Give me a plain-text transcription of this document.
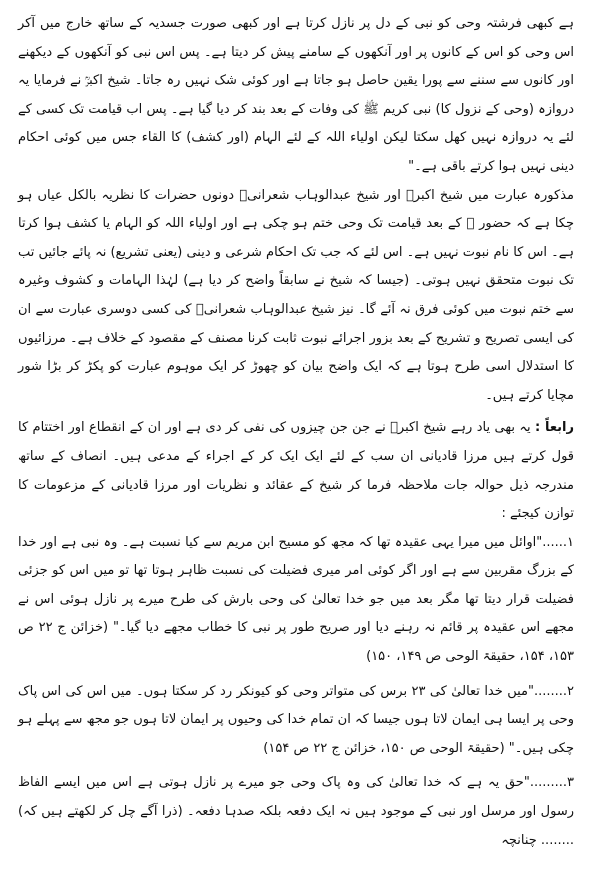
ہے کبھی فرشتہ وحی کو نبی کے دل پر نازل کرتا ہے اور کبھی صورت جسدیہ کے ساتھ خارج میں آکر اس وحی کو اس کے کانوں پر اور آنکھوں کے سامنے پیش کر دیتا ہے۔ پس اس نبی کو آنکھوں کے دیکھنے اور کانوں سے سننے سے پورا یقین حاصل ہو جاتا ہے اور کوئی شک نہیں رہ جاتا۔ شیخ اکبرؒ نے فرمایا یہ دروازہ (وحی کے نزول کا) نبی کریم ﷺ کی وفات کے بعد بند کر دیا گیا ہے۔ پس اب قیامت تک کسی کے لئے یہ دروازہ نہیں کھل سکتا لیکن اولیاء اللہ کے لئے الہام (اور کشف) کا القاء جس میں کوئی احکام دینی نہیں ہوا کرتے باقی ہے۔"

مذکورہ عبارت میں شیخ اکبرؒ اور شیخ عبدالوہاب شعرانیؒ دونوں حضرات کا نظریہ بالکل عیاں ہو چکا ہے کہ حضور ﷺ کے بعد قیامت تک وحی ختم ہو چکی ہے اور اولیاء اللہ کو الہام یا کشف ہوا کرتا ہے۔ اس کا نام نبوت نہیں ہے۔ اس لئے کہ جب تک احکام شرعی و دینی (یعنی تشریع) نہ پائے جائیں تب تک نبوت متحقق نہیں ہوتی۔ (جیسا کہ شیخ نے سابقاً واضح کر دیا ہے) لہٰذا الہامات و کشوف وغیرہ سے ختم نبوت میں کوئی فرق نہ آئے گا۔ نیز شیخ عبدالوہاب شعرانیؒ کی کسی دوسری عبارت سے ان کی ایسی تصریح و تشریح کے بعد بزور اجرائے نبوت ثابت کرنا مصنف کے مقصود کے خلاف ہے۔ مرزائیوں کا استدلال اسی طرح ہوتا ہے کہ ایک واضح بیان کو چھوڑ کر ایک موہوم عبارت کو پکڑ کر بڑا شور مچایا کرتے ہیں۔

رابعاً : یہ بھی یاد رہے شیخ اکبرؒ نے جن جن چیزوں کی نفی کر دی ہے اور ان کے انقطاع اور اختتام کا قول کرتے ہیں مرزا قادیانی ان سب کے لئے ایک ایک کر کے اجراء کے مدعی ہیں۔ انصاف کے ساتھ مندرجہ ذیل حوالہ جات ملاحظہ فرما کر شیخ کے عقائد و نظریات اور مرزا قادیانی کے مزعومات کا توازن کیجئے :

۱......"اوائل میں میرا یہی عقیدہ تھا کہ مجھ کو مسیح ابن مریم سے کیا نسبت ہے۔ وہ نبی ہے اور خدا کے بزرگ مقربین سے ہے اور اگر کوئی امر میری فضیلت کی نسبت ظاہر ہوتا تھا تو میں اس کو جزئی فضیلت قرار دیتا تھا مگر بعد میں جو خدا تعالیٰ کی وحی بارش کی طرح میرے پر نازل ہوئی اس نے مجھے اس عقیدہ پر قائم نہ رہنے دیا اور صریح طور پر نبی کا خطاب مجھے دیا گیا۔" (خزائن ج ۲۲ ص ۱۵۳، ۱۵۴، حقیقۃ الوحی ص ۱۴۹، ۱۵۰)

۲........"میں خدا تعالیٰ کی ۲۳ برس کی متواتر وحی کو کیونکر رد کر سکتا ہوں۔ میں اس کی اس پاک وحی پر ایسا ہی ایمان لاتا ہوں جیسا کہ ان تمام خدا کی وحیوں پر ایمان لاتا ہوں جو مجھ سے پہلے ہو چکی ہیں۔" (حقیقۃ الوحی ص ۱۵۰، خزائن ج ۲۲ ص ۱۵۴)

۳........."حق یہ ہے کہ خدا تعالیٰ کی وہ پاک وحی جو میرے پر نازل ہوتی ہے اس میں ایسے الفاظ رسول اور مرسل اور نبی کے موجود ہیں نہ ایک دفعہ بلکہ صدہا دفعہ۔ (ذرا آگے چل کر لکھتے ہیں کہ) ........ چنانچہ
